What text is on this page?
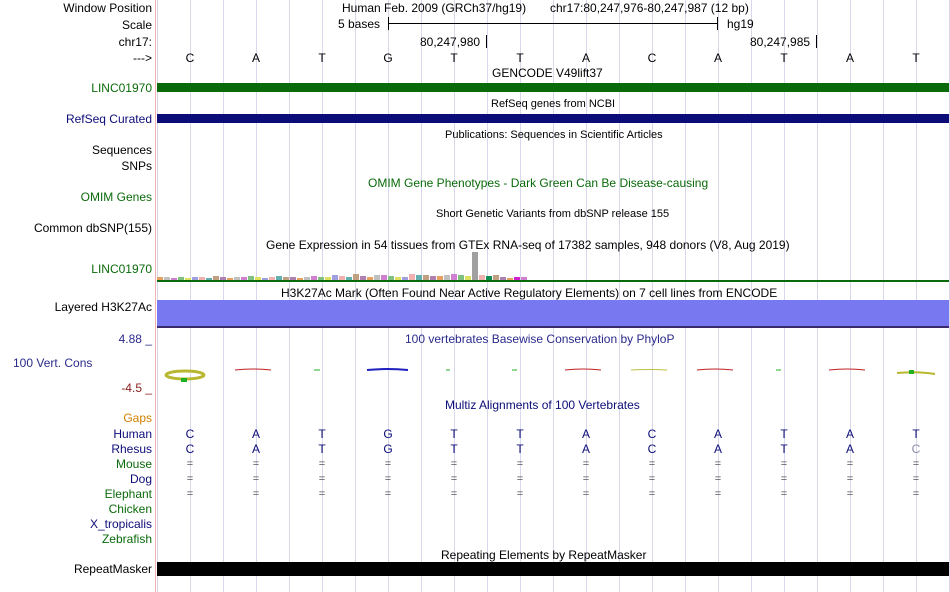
Window Position	Human Feb. 2009 (GRCh37/hg19) chr17:80,247,976-80,247,987 (12 bp)
Scale	5 bases	hg19
chr17:	80,247,980	80,247,985
--->	C	A	T	G	T	T	A	C	A	T	A	T
GENCODE V49lift37
LINC01970
RefSeq genes from NCBI
RefSeq Curated
Publications: Sequences in Scientific Articles
Sequences
SNPs
OMIM Gene Phenotypes - Dark Green Can Be Disease-causing
OMIM Genes
Short Genetic Variants from dbSNP release 155
Common dbSNP(155)
Gene Expression in 54 tissues from GTEx RNA-seq of 17382 samples, 948 donors (V8, Aug 2019)
LINC01970
H3K27Ac Mark (Often Found Near Active Regulatory Elements) on 7 cell lines from ENCODE
Layered H3K27Ac
100 vertebrates Basewise Conservation by PhyloP
4.88 _
100 Vert. Cons
-4.5 _
Gaps
Multiz Alignments of 100 Vertebrates
Human	C	A	T	G	T	T	A	C	A	T	A	T
Rhesus	C	A	T	G	T	T	A	C	A	T	A	C
Mouse	=	=	=	=	=	=	=	=	=	=	=	=
Dog	=	=	=	=	=	=	=	=	=	=	=	=
Elephant	=	=	=	=	=	=	=	=	=	=	=	=
Chicken
X_tropicalis
Zebrafish
Repeating Elements by RepeatMasker
RepeatMasker
